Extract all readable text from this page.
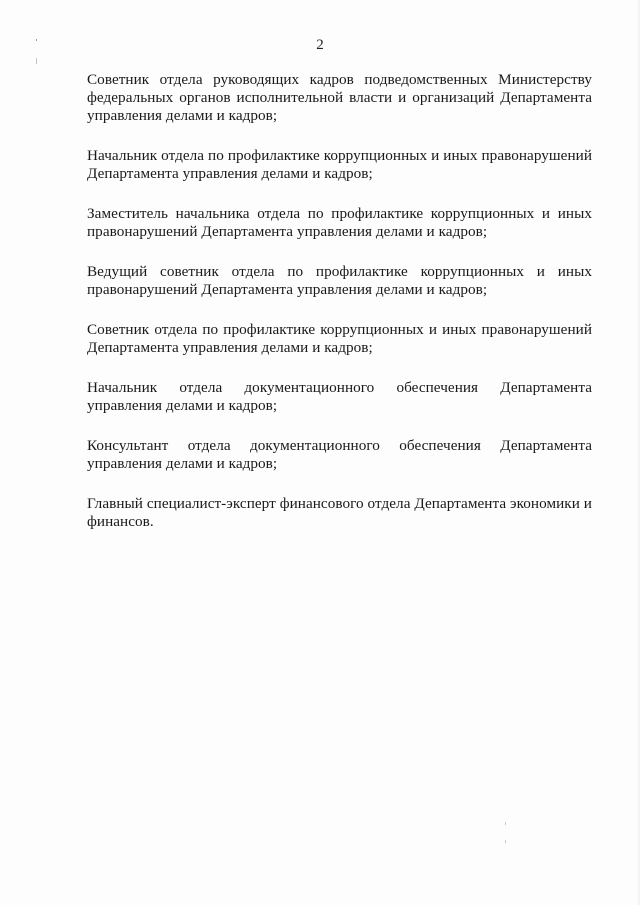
2

Советник отдела руководящих кадров подведомственных Министерству федеральных органов исполнительной власти и организаций Департамента управления делами и кадров;

Начальник отдела по профилактике коррупционных и иных правонарушений Департамента управления делами и кадров;

Заместитель начальника отдела по профилактике коррупционных и иных правонарушений Департамента управления делами и кадров;

Ведущий советник отдела по профилактике коррупционных и иных правонарушений Департамента управления делами и кадров;

Советник отдела по профилактике коррупционных и иных правонарушений Департамента управления делами и кадров;

Начальник отдела документационного обеспечения Департамента управления делами и кадров;

Консультант отдела документационного обеспечения Департамента управления делами и кадров;

Главный специалист-эксперт финансового отдела Департамента экономики и финансов.
